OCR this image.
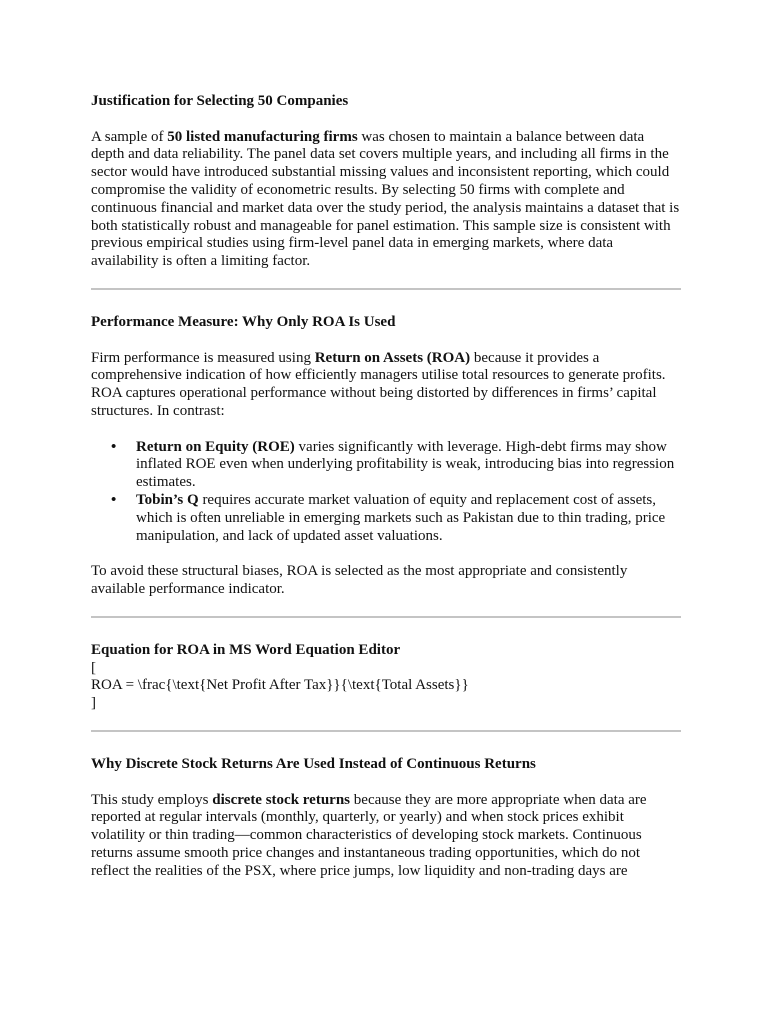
Justification for Selecting 50 Companies

A sample of 50 listed manufacturing firms was chosen to maintain a balance between data depth and data reliability. The panel data set covers multiple years, and including all firms in the sector would have introduced substantial missing values and inconsistent reporting, which could compromise the validity of econometric results. By selecting 50 firms with complete and continuous financial and market data over the study period, the analysis maintains a dataset that is both statistically robust and manageable for panel estimation. This sample size is consistent with previous empirical studies using firm-level panel data in emerging markets, where data availability is often a limiting factor.

Performance Measure: Why Only ROA Is Used

Firm performance is measured using Return on Assets (ROA) because it provides a comprehensive indication of how efficiently managers utilise total resources to generate profits. ROA captures operational performance without being distorted by differences in firms’ capital structures. In contrast:

• Return on Equity (ROE) varies significantly with leverage. High-debt firms may show inflated ROE even when underlying profitability is weak, introducing bias into regression estimates.
• Tobin’s Q requires accurate market valuation of equity and replacement cost of assets, which is often unreliable in emerging markets such as Pakistan due to thin trading, price manipulation, and lack of updated asset valuations.

To avoid these structural biases, ROA is selected as the most appropriate and consistently available performance indicator.

Equation for ROA in MS Word Equation Editor

[

ROA = \frac{\text{Net Profit After Tax}}{\text{Total Assets}}

]

Why Discrete Stock Returns Are Used Instead of Continuous Returns

This study employs discrete stock returns because they are more appropriate when data are reported at regular intervals (monthly, quarterly, or yearly) and when stock prices exhibit volatility or thin trading—common characteristics of developing stock markets. Continuous returns assume smooth price changes and instantaneous trading opportunities, which do not reflect the realities of the PSX, where price jumps, low liquidity and non-trading days are
